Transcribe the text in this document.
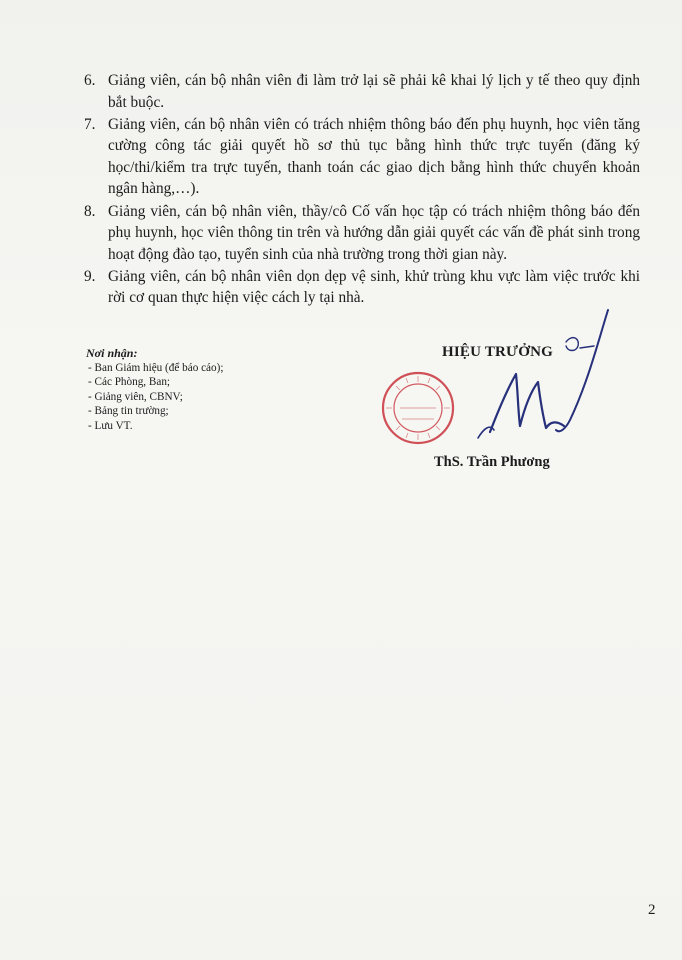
6. Giảng viên, cán bộ nhân viên đi làm trở lại sẽ phải kê khai lý lịch y tế theo quy định bắt buộc.
7. Giảng viên, cán bộ nhân viên có trách nhiệm thông báo đến phụ huynh, học viên tăng cường công tác giải quyết hồ sơ thủ tục bằng hình thức trực tuyến (đăng ký học/thi/kiểm tra trực tuyến, thanh toán các giao dịch bằng hình thức chuyển khoản ngân hàng,…).
8. Giảng viên, cán bộ nhân viên, thầy/cô Cố vấn học tập có trách nhiệm thông báo đến phụ huynh, học viên thông tin trên và hướng dẫn giải quyết các vấn đề phát sinh trong hoạt động đào tạo, tuyển sinh của nhà trường trong thời gian này.
9. Giảng viên, cán bộ nhân viên dọn dẹp vệ sinh, khử trùng khu vực làm việc trước khi rời cơ quan thực hiện việc cách ly tại nhà.
Nơi nhận:
- Ban Giám hiệu (để báo cáo);
- Các Phòng, Ban;
- Giảng viên, CBNV;
- Bảng tin trường;
- Lưu VT.
HIỆU TRƯỞNG
ThS. Trần Phương
2
